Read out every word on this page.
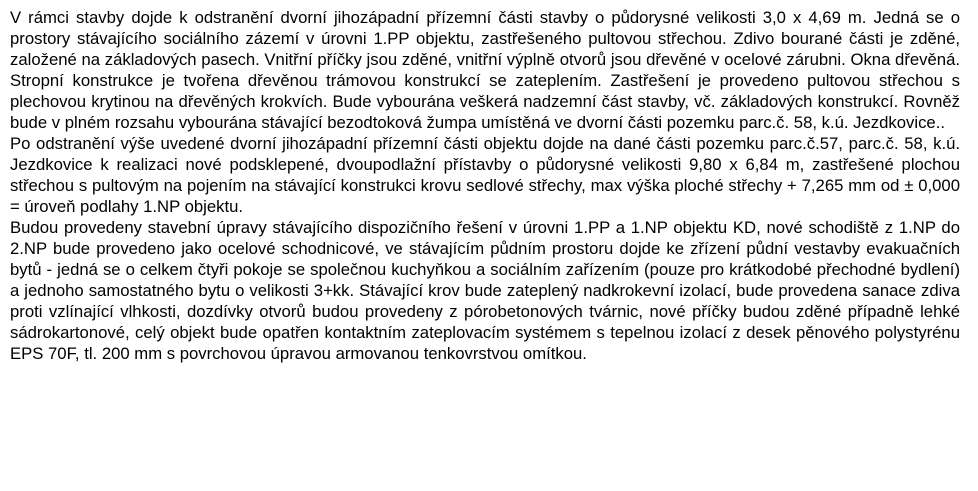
V rámci stavby dojde k odstranění dvorní jihozápadní přízemní části stavby o půdorysné velikosti 3,0 x 4,69 m. Jedná se o prostory stávajícího sociálního zázemí v úrovni 1.PP objektu, zastřešeného pultovou střechou. Zdivo bourané části je zděné, založené na základových pasech. Vnitřní příčky jsou zděné, vnitřní výplně otvorů jsou dřevěné v ocelové zárubni. Okna dřevěná. Stropní konstrukce je tvořena dřevěnou trámovou konstrukcí se zateplením. Zastřešení je provedeno pultovou střechou s plechovou krytinou na dřevěných krokvích. Bude vybourána veškerá nadzemní část stavby, vč. základových konstrukcí. Rovněž bude v plném rozsahu vybourána stávající bezodtoková žumpa umístěná ve dvorní části pozemku parc.č. 58, k.ú. Jezdkovice..

Po odstranění výše uvedené dvorní jihozápadní přízemní části objektu dojde na dané části pozemku parc.č.57, parc.č. 58, k.ú. Jezdkovice k realizaci nové podsklepené, dvoupodlažní přístavby o půdorysné velikosti 9,80 x 6,84 m, zastřešené plochou střechou s pultovým na pojením na stávající konstrukci krovu sedlové střechy, max výška ploché střechy + 7,265 mm od ± 0,000 = úroveň podlahy 1.NP objektu.

Budou provedeny stavební úpravy stávajícího dispozičního řešení v úrovni 1.PP a 1.NP objektu KD, nové schodiště z 1.NP do 2.NP bude provedeno jako ocelové schodnicové, ve stávajícím půdním prostoru dojde ke zřízení půdní vestavby evakuačních bytů - jedná se o celkem čtyři pokoje se společnou kuchyňkou a sociálním zařízením (pouze pro krátkodobé přechodné bydlení) a jednoho samostatného bytu o velikosti 3+kk. Stávající krov bude zateplený nadkrokevní izolací, bude provedena sanace zdiva proti vzlínající vlhkosti, dozdívky otvorů budou provedeny z pórobetonových tvárnic, nové příčky budou zděné případně lehké sádrokartonové, celý objekt bude opatřen kontaktním zateplovacím systémem s tepelnou izolací z desek pěnového polystyrénu EPS 70F, tl. 200 mm s povrchovou úpravou armovanou tenkovrstvou omítkou.
